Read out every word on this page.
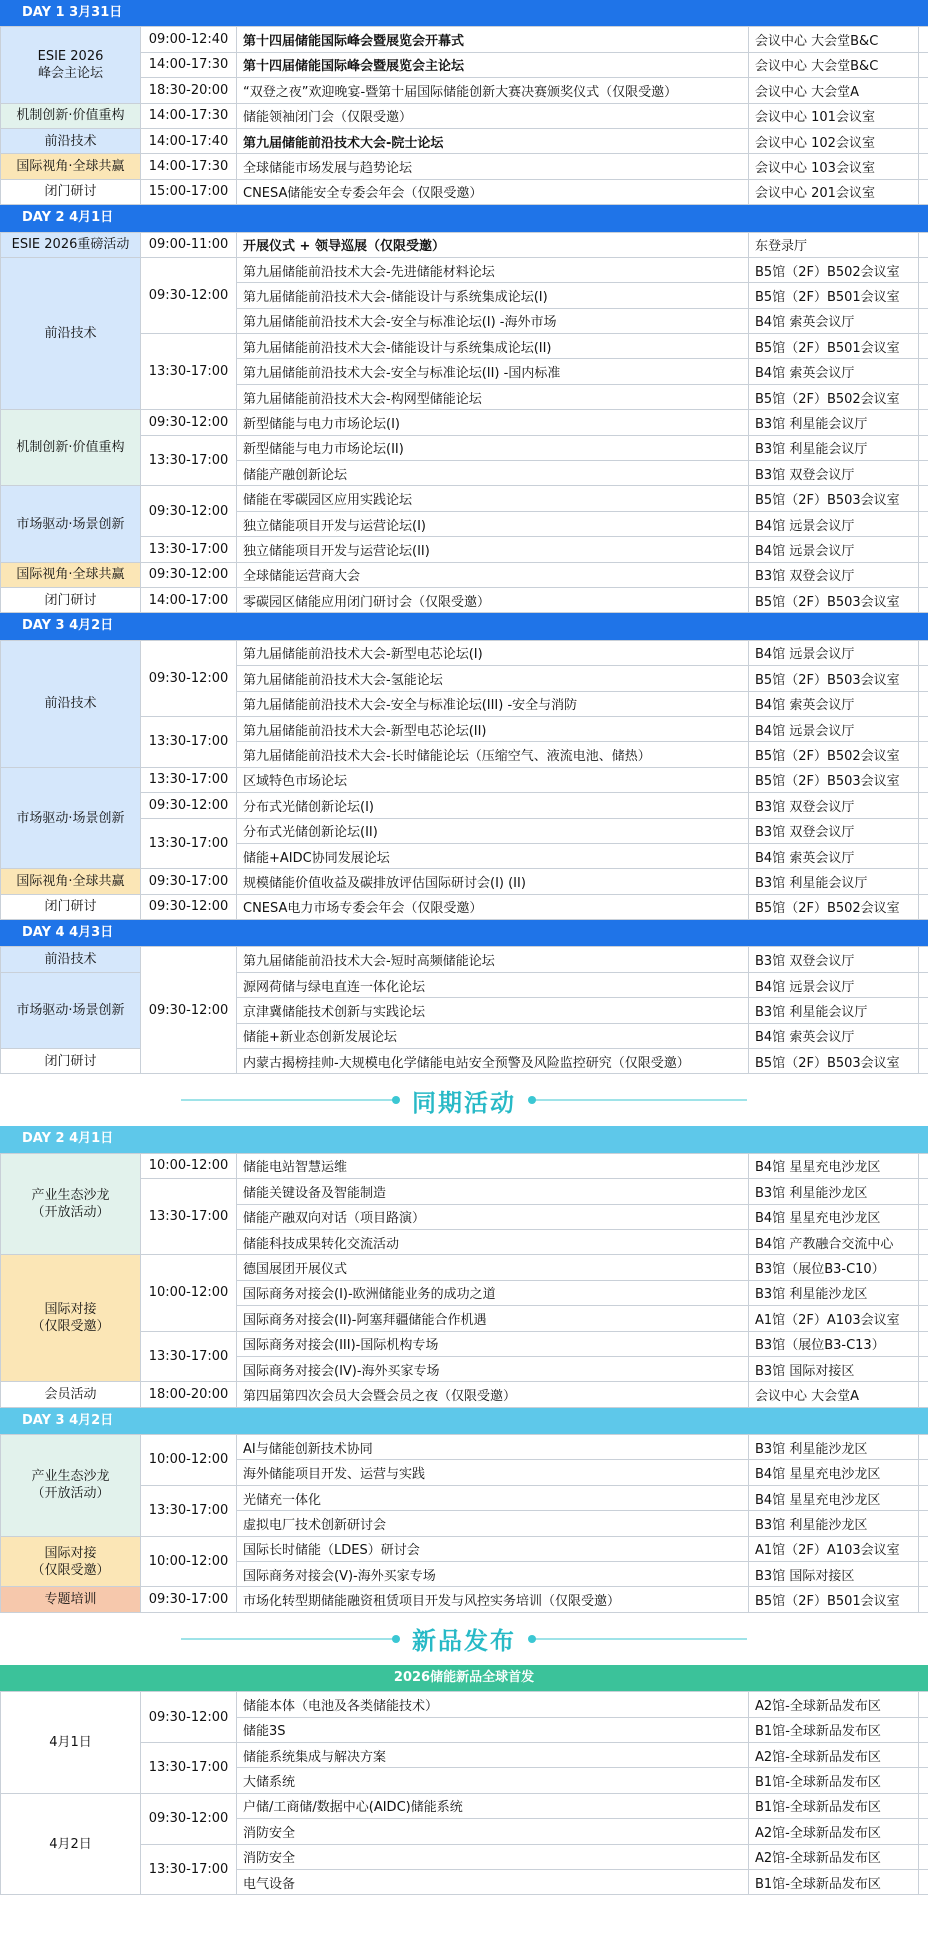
DAY 1 3月31日
ESIE 2026
峰会主论坛	09:00-12:40	第十四届储能国际峰会暨展览会开幕式	会议中心 大会堂B&C	
	14:00-17:30	第十四届储能国际峰会暨展览会主论坛	会议中心 大会堂B&C	
	18:30-20:00	“双登之夜”欢迎晚宴-暨第十届国际储能创新大赛决赛颁奖仪式（仅限受邀）	会议中心 大会堂A	
机制创新·价值重构	14:00-17:30	储能领袖闭门会（仅限受邀）	会议中心 101会议室	
前沿技术	14:00-17:40	第九届储能前沿技术大会-院士论坛	会议中心 102会议室	
国际视角·全球共赢	14:00-17:30	全球储能市场发展与趋势论坛	会议中心 103会议室	
闭门研讨	15:00-17:00	CNESA储能安全专委会年会（仅限受邀）	会议中心 201会议室	
DAY 2 4月1日
ESIE 2026重磅活动	09:00-11:00	开展仪式 + 领导巡展（仅限受邀）	东登录厅	
前沿技术	09:30-12:00	第九届储能前沿技术大会-先进储能材料论坛	B5馆（2F）B502会议室	
		第九届储能前沿技术大会-储能设计与系统集成论坛(I)	B5馆（2F）B501会议室	
		第九届储能前沿技术大会-安全与标准论坛(I) -海外市场	B4馆 索英会议厅	
	13:30-17:00	第九届储能前沿技术大会-储能设计与系统集成论坛(II)	B5馆（2F）B501会议室	
		第九届储能前沿技术大会-安全与标准论坛(II) -国内标准	B4馆 索英会议厅	
		第九届储能前沿技术大会-构网型储能论坛	B5馆（2F）B502会议室	
机制创新·价值重构	09:30-12:00	新型储能与电力市场论坛(I)	B3馆 利星能会议厅	
	13:30-17:00	新型储能与电力市场论坛(II)	B3馆 利星能会议厅	
		储能产融创新论坛	B3馆 双登会议厅	
市场驱动·场景创新	09:30-12:00	储能在零碳园区应用实践论坛	B5馆（2F）B503会议室	
		独立储能项目开发与运营论坛(I)	B4馆 远景会议厅	
	13:30-17:00	独立储能项目开发与运营论坛(II)	B4馆 远景会议厅	
国际视角·全球共赢	09:30-12:00	全球储能运营商大会	B3馆 双登会议厅	
闭门研讨	14:00-17:00	零碳园区储能应用闭门研讨会（仅限受邀）	B5馆（2F）B503会议室	
DAY 3 4月2日
前沿技术	09:30-12:00	第九届储能前沿技术大会-新型电芯论坛(I)	B4馆 远景会议厅	
		第九届储能前沿技术大会-氢能论坛	B5馆（2F）B503会议室	
		第九届储能前沿技术大会-安全与标准论坛(III) -安全与消防	B4馆 索英会议厅	
	13:30-17:00	第九届储能前沿技术大会-新型电芯论坛(II)	B4馆 远景会议厅	
		第九届储能前沿技术大会-长时储能论坛（压缩空气、液流电池、储热）	B5馆（2F）B502会议室	
市场驱动·场景创新	13:30-17:00	区域特色市场论坛	B5馆（2F）B503会议室	
	09:30-12:00	分布式光储创新论坛(I)	B3馆 双登会议厅	
	13:30-17:00	分布式光储创新论坛(II)	B3馆 双登会议厅	
		储能+AIDC协同发展论坛	B4馆 索英会议厅	
国际视角·全球共赢	09:30-17:00	规模储能价值收益及碳排放评估国际研讨会(I) (II)	B3馆 利星能会议厅	
闭门研讨	09:30-12:00	CNESA电力市场专委会年会（仅限受邀）	B5馆（2F）B502会议室	
DAY 4 4月3日
前沿技术	09:30-12:00	第九届储能前沿技术大会-短时高频储能论坛	B3馆 双登会议厅	
市场驱动·场景创新		源网荷储与绿电直连一体化论坛	B4馆 远景会议厅	
		京津冀储能技术创新与实践论坛	B3馆 利星能会议厅	
		储能+新业态创新发展论坛	B4馆 索英会议厅	
闭门研讨		内蒙古揭榜挂帅-大规模电化学储能电站安全预警及风险监控研究（仅限受邀）	B5馆（2F）B503会议室	
同期活动
DAY 2 4月1日
产业生态沙龙
（开放活动）	10:00-12:00	储能电站智慧运维	B4馆 星星充电沙龙区	
	13:30-17:00	储能关键设备及智能制造	B3馆 利星能沙龙区	
		储能产融双向对话（项目路演）	B4馆 星星充电沙龙区	
		储能科技成果转化交流活动	B4馆 产教融合交流中心	
国际对接
（仅限受邀）	10:00-12:00	德国展团开展仪式	B3馆（展位B3-C10）	
		国际商务对接会(I)-欧洲储能业务的成功之道	B3馆 利星能沙龙区	
		国际商务对接会(II)-阿塞拜疆储能合作机遇	A1馆（2F）A103会议室	
	13:30-17:00	国际商务对接会(III)-国际机构专场	B3馆（展位B3-C13）	
		国际商务对接会(IV)-海外买家专场	B3馆 国际对接区	
会员活动	18:00-20:00	第四届第四次会员大会暨会员之夜（仅限受邀）	会议中心 大会堂A	
DAY 3 4月2日
产业生态沙龙
（开放活动）	10:00-12:00	AI与储能创新技术协同	B3馆 利星能沙龙区	
		海外储能项目开发、运营与实践	B4馆 星星充电沙龙区	
	13:30-17:00	光储充一体化	B4馆 星星充电沙龙区	
		虚拟电厂技术创新研讨会	B3馆 利星能沙龙区	
国际对接
（仅限受邀）	10:00-12:00	国际长时储能（LDES）研讨会	A1馆（2F）A103会议室	
		国际商务对接会(V)-海外买家专场	B3馆 国际对接区	
专题培训	09:30-17:00	市场化转型期储能融资租赁项目开发与风控实务培训（仅限受邀）	B5馆（2F）B501会议室	
新品发布
2026储能新品全球首发
4月1日	09:30-12:00	储能本体（电池及各类储能技术）	A2馆-全球新品发布区	
		储能3S	B1馆-全球新品发布区	
	13:30-17:00	储能系统集成与解决方案	A2馆-全球新品发布区	
		大储系统	B1馆-全球新品发布区	
4月2日	09:30-12:00	户储/工商储/数据中心(AIDC)储能系统	B1馆-全球新品发布区	
		消防安全	A2馆-全球新品发布区	
	13:30-17:00	消防安全	A2馆-全球新品发布区	
		电气设备	B1馆-全球新品发布区	
